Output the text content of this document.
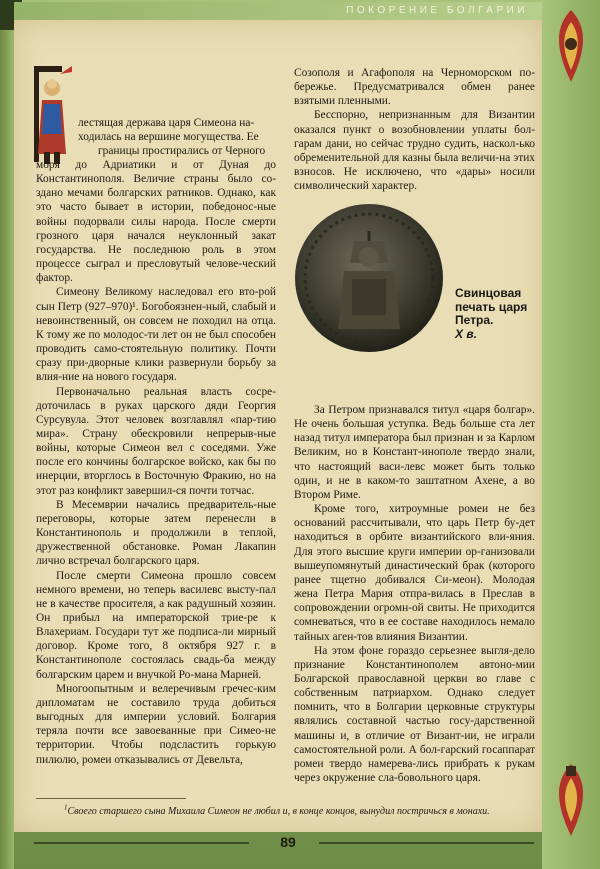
ПОКОРЕНИЕ БОЛГАРИИ
лестящая держава царя Симеона на-
ходилась на вершине могущества. Ее
границы простирались от Черного

моря до Адриатики и от Дуная до Константинополя. Величие страны было со-здано мечами болгарских ратников. Однако, как это часто бывает в истории, победонос-ные войны подорвали силы народа. После смерти грозного царя начался неуклонный закат государства. Не последнюю роль в этом процессе сыграл и пресловутый челове-ческий фактор.

Симеону Великому наследовал его вто-рой сын Петр (927–970)¹. Богобоязнен-ный, слабый и невоинственный, он совсем не походил на отца. К тому же по молодос-ти лет он не был способен проводить само-стоятельную политику. Почти сразу при-дворные клики развернули борьбу за влия-ние на нового государя.

Первоначально реальная власть сосре-доточилась в руках царского дяди Георгия Сурсувула. Этот человек возглавлял «пар-тию мира». Страну обескровили непрерыв-ные войны, которые Симеон вел с соседями. Уже после его кончины болгарское войско, как бы по инерции, вторглось в Восточную Фракию, но на этот раз конфликт завершил-ся почти тотчас.

В Месемврии начались предваритель-ные переговоры, которые затем перенесли в Константинополь и продолжили в теплой, дружественной обстановке. Роман Лакапин лично встречал болгарского царя.

После смерти Симеона прошло совсем немного времени, но теперь василевс высту-пал не в качестве просителя, а как радушный хозяин. Он прибыл на императорской трие-ре к Влахериам. Государи тут же подписа-ли мирный договор. Кроме того, 8 октября 927 г. в Константинополе состоялась свадь-ба между болгарским царем и внучкой Ро-мана Марией.

Многоопытным и велеречивым гречес-ким дипломатам не составило труда добиться выгодных для империи условий. Болгария теряла почти все завоеванные при Симео-не территории. Чтобы подсластить горькую пилюлю, ромеи отказывались от Девельта,

Созополя и Агафополя на Черноморском по-бережье. Предусматривался обмен ранее взятыми пленными.

Бесспорно, непризнанным для Византии оказался пункт о возобновлении уплаты бол-гарам дани, но сейчас трудно судить, наскол-ько обременительной для казны была величи-на этих взносов. Не исключено, что «дары» носили символический характер.

Свинцовая печать царя Петра.
X в.

За Петром признавался титул «царя болгар». Не очень большая уступка. Ведь больше ста лет назад титул императора был признан и за Карлом Великим, но в Констант-инополе твердо знали, что настоящий васи-левс может быть только один, и не в каком-то заштатном Ахене, а во Втором Риме.

Кроме того, хитроумные ромеи не без оснований рассчитывали, что царь Петр бу-дет находиться в орбите византийского вли-яния. Для этого высшие круги империи ор-ганизовали вышеупомянутый династический брак (которого ранее тщетно добивался Си-меон). Молодая жена Петра Мария отпра-вилась в Преслав в сопровождении огромн-ой свиты. Не приходится сомневаться, что в ее составе находилось немало тайных аген-тов влияния Византии.

На этом фоне гораздо серьезнее выгля-дело признание Константинополем автоно-мии Болгарской православной церкви во главе с собственным патриархом. Однако следует помнить, что в Болгарии церковные структуры являлись составной частью госу-дарственной машины и, в отличие от Визант-ии, не играли самостоятельной роли. А бол-гарский госаппарат ромеи твердо намерева-лись прибрать к рукам через окружение сла-бовольного царя.

$^1$Своего старшего сына Михаила Симеон не любил и, в конце концов, вынудил постричься в монахи.
89
